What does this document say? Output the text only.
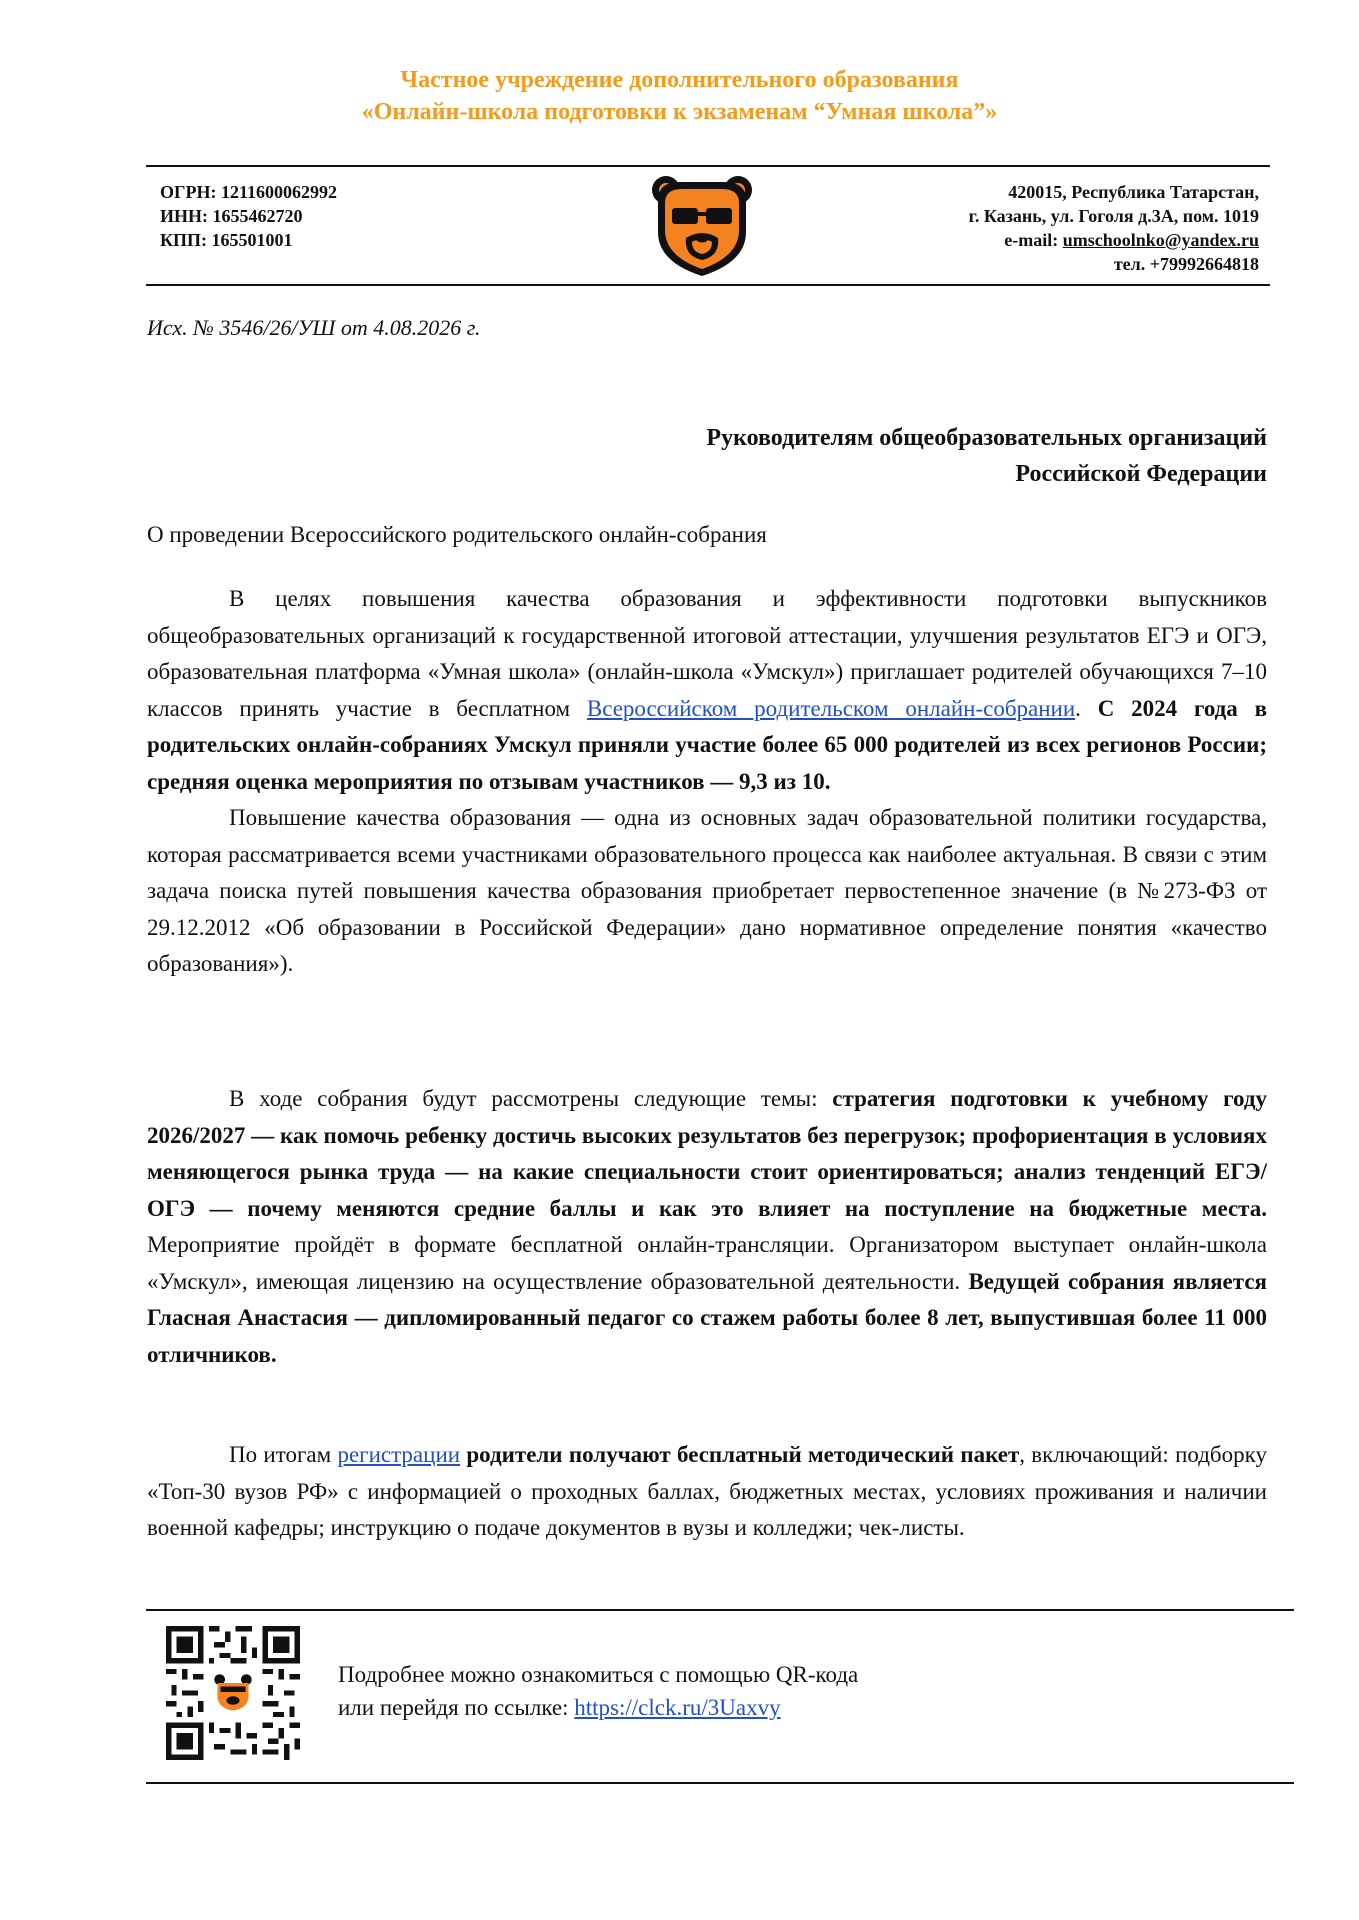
Частное учреждение дополнительного образования
«Онлайн-школа подготовки к экзаменам “Умная школа”»
ОГРН: 1211600062992
ИНН: 1655462720
КПП: 165501001
420015, Республика Татарстан,
г. Казань, ул. Гоголя д.3А, пом. 1019
e-mail: umschoolnko@yandex.ru
тел. +79992664818
Исх. № 3546/26/УШ от 4.08.2026 г.
Руководителям общеобразовательных организаций
Российской Федерации
О проведении Всероссийского родительского онлайн-собрания

В целях повышения качества образования и эффективности подготовки выпускников общеобразовательных организаций к государственной итоговой аттестации, улучшения результатов ЕГЭ и ОГЭ, образовательная платформа «Умная школа» (онлайн-школа «Умскул») приглашает родителей обучающихся 7–10 классов принять участие в бесплатном Всероссийском родительском онлайн-собрании. С 2024 года в родительских онлайн-собраниях Умскул приняли участие более 65 000 родителей из всех регионов России; средняя оценка мероприятия по отзывам участников — 9,3 из 10.

Повышение качества образования — одна из основных задач образовательной политики государства, которая рассматривается всеми участниками образовательного процесса как наиболее актуальная. В связи с этим задача поиска путей повышения качества образования приобретает первостепенное значение (в №273-ФЗ от 29.12.2012 «Об образовании в Российской Федерации» дано нормативное определение понятия «качество образования»).

В ходе собрания будут рассмотрены следующие темы: стратегия подготовки к учебному году 2026/2027 — как помочь ребенку достичь высоких результатов без перегрузок; профориентация в условиях меняющегося рынка труда — на какие специальности стоит ориентироваться; анализ тенденций ЕГЭ/ОГЭ — почему меняются средние баллы и как это влияет на поступление на бюджетные места. Мероприятие пройдёт в формате бесплатной онлайн-трансляции. Организатором выступает онлайн-школа «Умскул», имеющая лицензию на осуществление образовательной деятельности. Ведущей собрания является Гласная Анастасия — дипломированный педагог со стажем работы более 8 лет, выпустившая более 11 000 отличников.

По итогам регистрации родители получают бесплатный методический пакет, включающий: подборку «Топ-30 вузов РФ» с информацией о проходных баллах, бюджетных местах, условиях проживания и наличии военной кафедры; инструкцию о подаче документов в вузы и колледжи; чек-листы.

Подробнее можно ознакомиться с помощью QR-кода
или перейдя по ссылке: https://clck.ru/3Uaxvy
